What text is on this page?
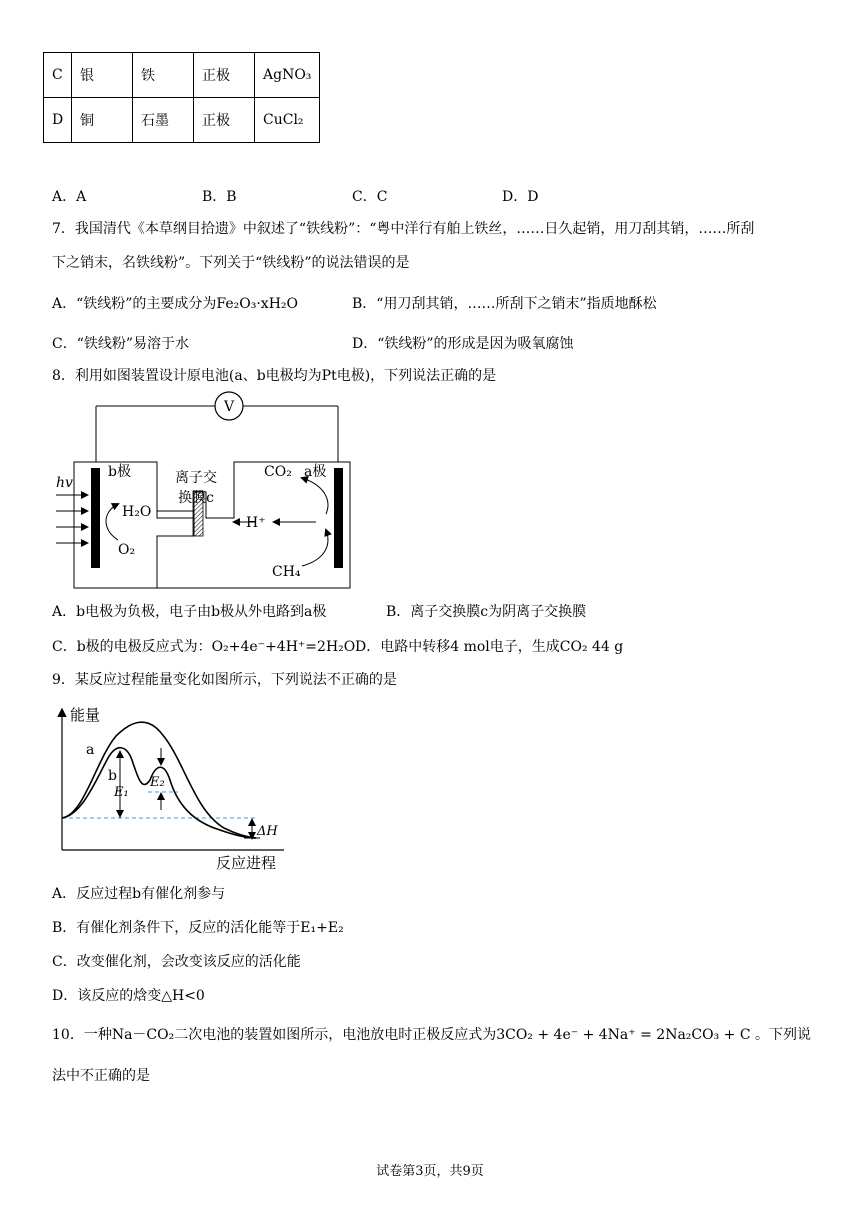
C	银	铁	正极	AgNO₃
D	铜	石墨	正极	CuCl₂
A．A	B．B	C．C	D．D
7．我国清代《本草纲目拾遗》中叙述了“铁线粉”：“粤中洋行有舶上铁丝，……日久起销，用刀刮其销，……所刮
下之销末，名铁线粉”。下列关于“铁线粉”的说法错误的是
A．“铁线粉”的主要成分为Fe₂O₃·xH₂O	B．“用刀刮其销，……所刮下之销末”指质地酥松
C．“铁线粉”易溶于水	D．“铁线粉”的形成是因为吸氧腐蚀
8．利用如图装置设计原电池(a、b电极均为Pt电极)，下列说法正确的是
V
hv
b极	a极
CO₂
H₂O
O₂
CH₄
H⁺
离子交
换膜c
A．b电极为负极，电子由b极从外电路到a极	B．离子交换膜c为阴离子交换膜
C．b极的电极反应式为：O₂+4e⁻+4H⁺=2H₂O D．电路中转移4 mol电子，生成CO₂ 44 g
9．某反应过程能量变化如图所示，下列说法不正确的是
能量
反应进程
a
b
E₁
E₂
ΔH
A．反应过程b有催化剂参与
B．有催化剂条件下，反应的活化能等于E₁+E₂
C．改变催化剂，会改变该反应的活化能
D．该反应的焓变△H<0
10．一种Na－CO₂二次电池的装置如图所示，电池放电时正极反应式为3CO₂ + 4e⁻ + 4Na⁺ = 2Na₂CO₃ + C 。下列说
法中不正确的是
试卷第3页，共9页
